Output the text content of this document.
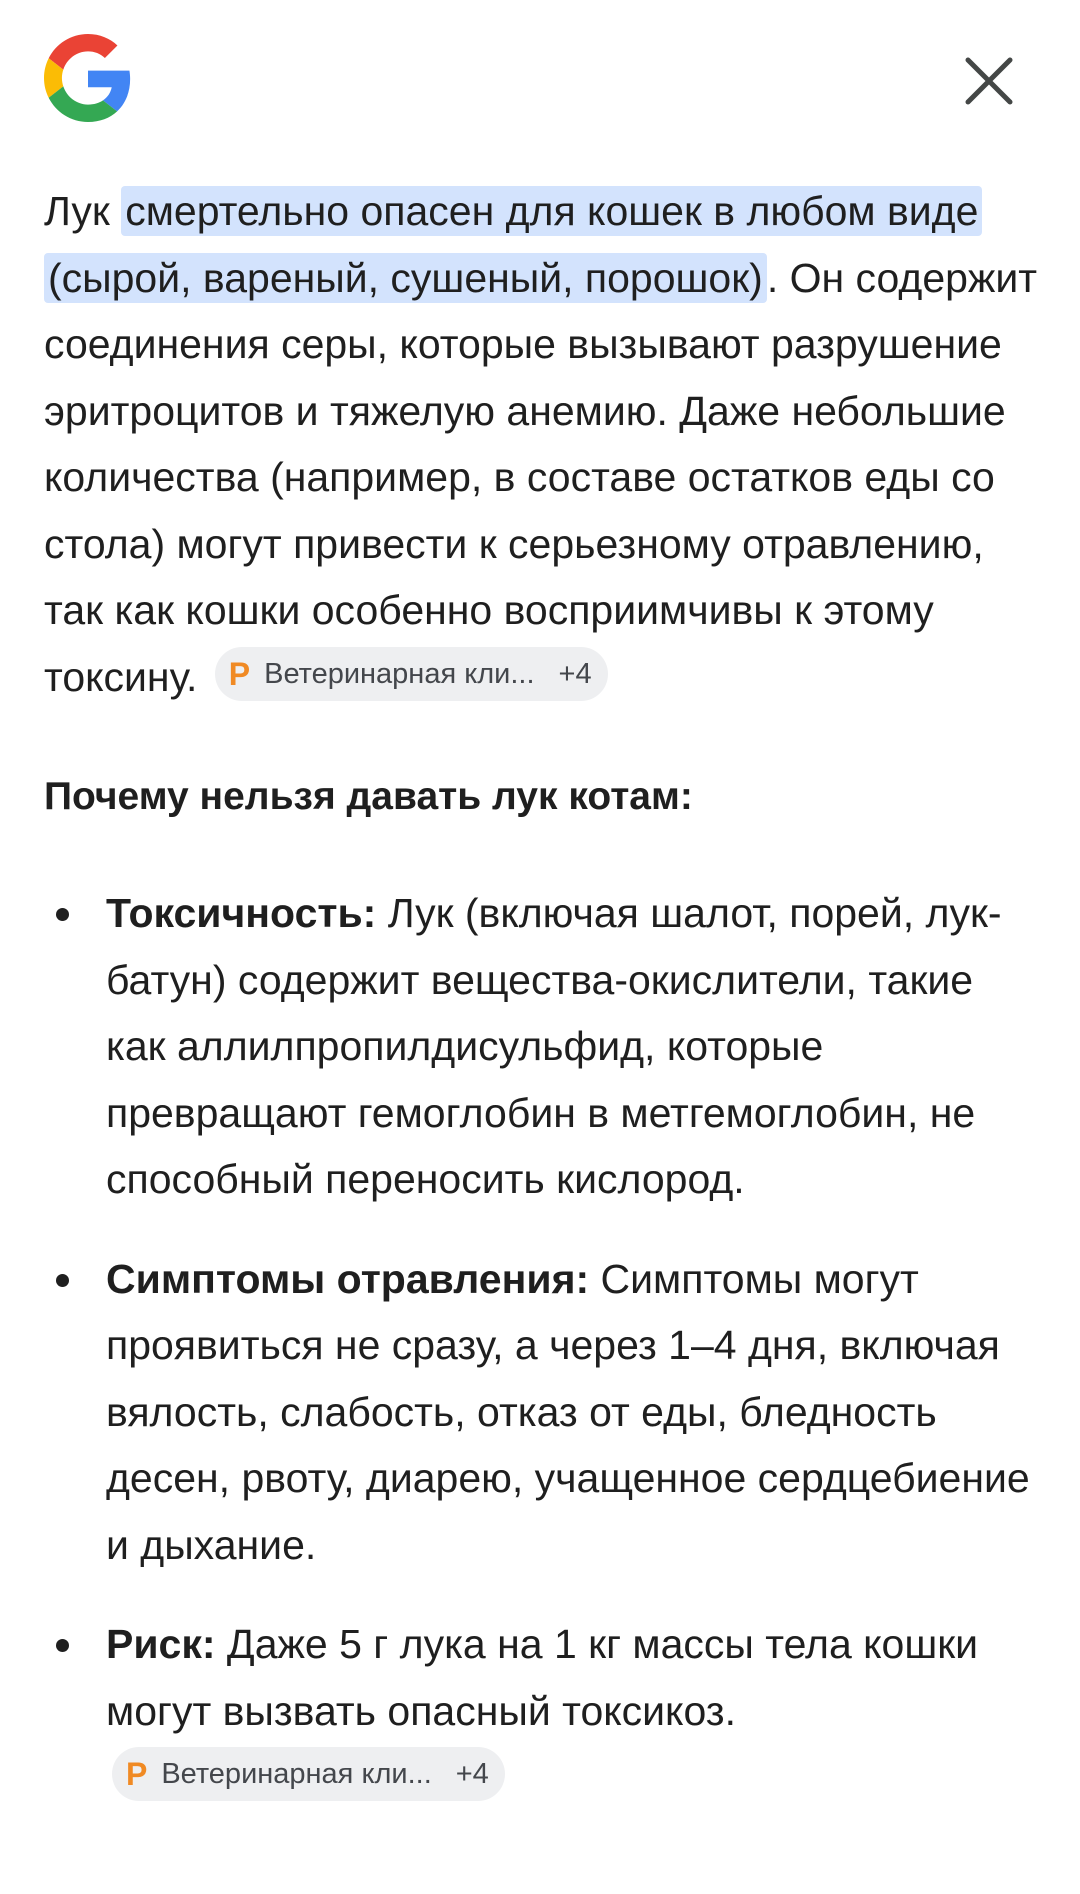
Лук смертельно опасен для кошек в любом виде (сырой, вареный, сушеный, порошок). Он содержит соединения серы, которые вызывают разрушение эритроцитов и тяжелую анемию. Даже небольшие количества (например, в составе остатков еды со стола) могут привести к серьезному отравлению, так как кошки особенно восприимчивы к этому токсину. Р Ветеринарная кли... +4

Почему нельзя давать лук котам:
Токсичность: Лук (включая шалот, порей, лук-батун) содержит вещества-окислители, такие как аллилпропилдисульфид, которые превращают гемоглобин в метгемоглобин, не способный переносить кислород.
Симптомы отравления: Симптомы могут проявиться не сразу, а через 1–4 дня, включая вялость, слабость, отказ от еды, бледность десен, рвоту, диарею, учащенное сердцебиение и дыхание.
Риск: Даже 5 г лука на 1 кг массы тела кошки могут вызвать опасный токсикоз.
Р Ветеринарная кли... +4
